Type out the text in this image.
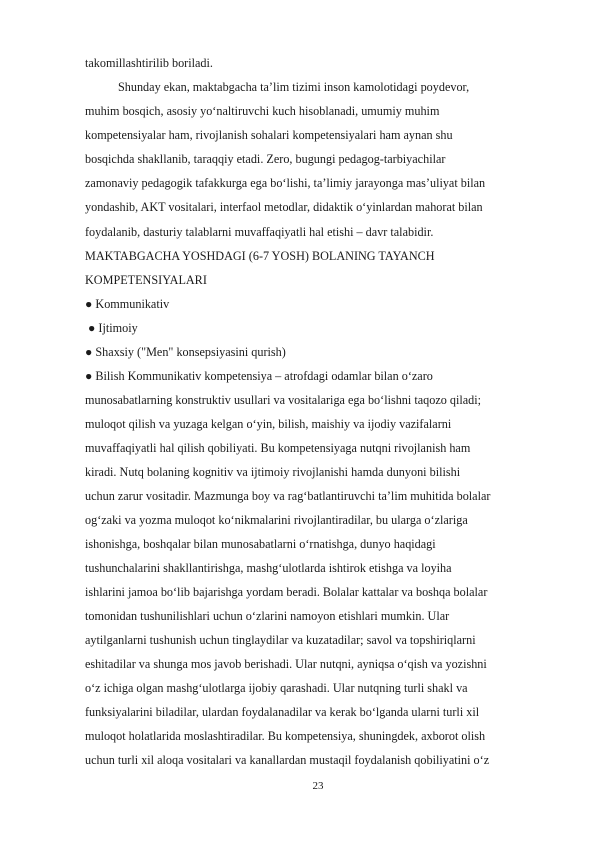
takomillashtirilib boriladi.
Shunday ekan, maktabgacha ta’lim tizimi inson kamolotidagi poydevor,
muhim bosqich, asosiy yo‘naltiruvchi kuch hisoblanadi, umumiy muhim
kompetensiyalar ham, rivojlanish sohalari kompetensiyalari ham aynan shu
bosqichda shakllanib, taraqqiy etadi. Zero, bugungi pedagog-tarbiyachilar
zamonaviy pedagogik tafakkurga ega bo‘lishi, ta’limiy jarayonga mas’uliyat bilan
yondashib, AKT vositalari, interfaol metodlar, didaktik o‘yinlardan mahorat bilan
foydalanib, dasturiy talablarni muvaffaqiyatli hal etishi – davr talabidir.
MAKTABGACHA YOSHDAGI (6-7 YOSH) BOLANING TAYANCH
KOMPETENSIYALARI
● Kommunikativ
● Ijtimoiy
● Shaxsiy ("Men" konsepsiyasini qurish)
● Bilish Kommunikativ kompetensiya – atrofdagi odamlar bilan o‘zaro
munosabatlarning konstruktiv usullari va vositalariga ega bo‘lishni taqozo qiladi;
muloqot qilish va yuzaga kelgan o‘yin, bilish, maishiy va ijodiy vazifalarni
muvaffaqiyatli hal qilish qobiliyati. Bu kompetensiyaga nutqni rivojlanish ham
kiradi. Nutq bolaning kognitiv va ijtimoiy rivojlanishi hamda dunyoni bilishi
uchun zarur vositadir. Mazmunga boy va rag‘batlantiruvchi ta’lim muhitida bolalar
og‘zaki va yozma muloqot ko‘nikmalarini rivojlantiradilar, bu ularga o‘zlariga
ishonishga, boshqalar bilan munosabatlarni o‘rnatishga, dunyo haqidagi
tushunchalarini shakllantirishga, mashg‘ulotlarda ishtirok etishga va loyiha
ishlarini jamoa bo‘lib bajarishga yordam beradi. Bolalar kattalar va boshqa bolalar
tomonidan tushunilishlari uchun o‘zlarini namoyon etishlari mumkin. Ular
aytilganlarni tushunish uchun tinglaydilar va kuzatadilar; savol va topshiriqlarni
eshitadilar va shunga mos javob berishadi. Ular nutqni, ayniqsa o‘qish va yozishni
o‘z ichiga olgan mashg‘ulotlarga ijobiy qarashadi. Ular nutqning turli shakl va
funksiyalarini biladilar, ulardan foydalanadilar va kerak bo‘lganda ularni turli xil
muloqot holatlarida moslashtiradilar. Bu kompetensiya, shuningdek, axborot olish
uchun turli xil aloqa vositalari va kanallardan mustaqil foydalanish qobiliyatini o‘z
23
